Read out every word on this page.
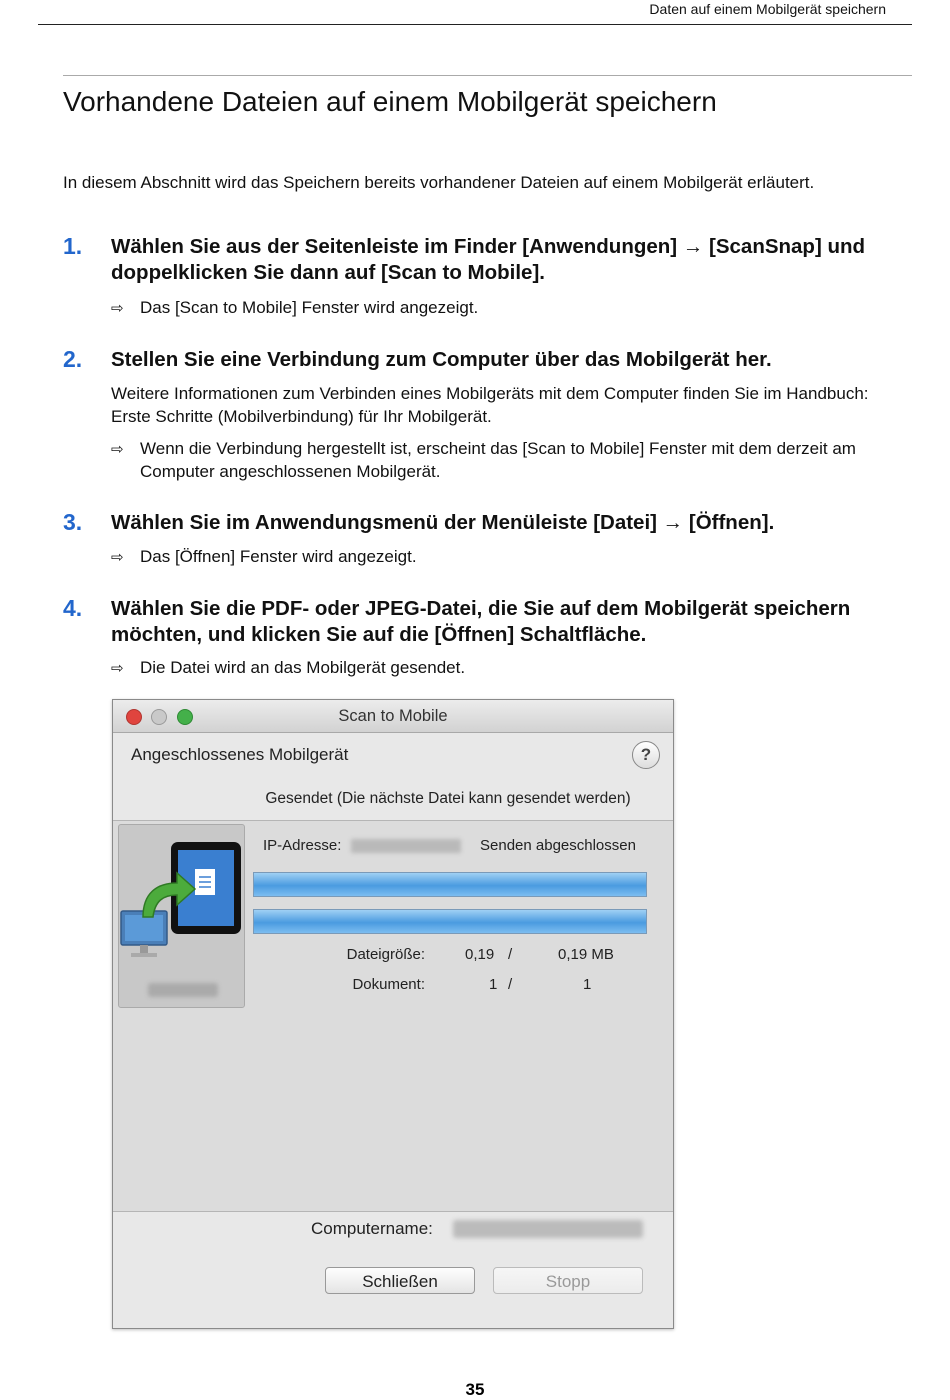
Daten auf einem Mobilgerät speichern
Vorhandene Dateien auf einem Mobilgerät speichern
In diesem Abschnitt wird das Speichern bereits vorhandener Dateien auf einem Mobilgerät erläutert.
1. Wählen Sie aus der Seitenleiste im Finder [Anwendungen] → [ScanSnap] und doppelklicken Sie dann auf [Scan to Mobile].
⇨ Das [Scan to Mobile] Fenster wird angezeigt.
2. Stellen Sie eine Verbindung zum Computer über das Mobilgerät her.
Weitere Informationen zum Verbinden eines Mobilgeräts mit dem Computer finden Sie im Handbuch: Erste Schritte (Mobilverbindung) für Ihr Mobilgerät.
⇨ Wenn die Verbindung hergestellt ist, erscheint das [Scan to Mobile] Fenster mit dem derzeit am Computer angeschlossenen Mobilgerät.
3. Wählen Sie im Anwendungsmenü der Menüleiste [Datei] → [Öffnen].
⇨ Das [Öffnen] Fenster wird angezeigt.
4. Wählen Sie die PDF- oder JPEG-Datei, die Sie auf dem Mobilgerät speichern möchten, und klicken Sie auf die [Öffnen] Schaltfläche.
⇨ Die Datei wird an das Mobilgerät gesendet.
Scan to Mobile
Angeschlossenes Mobilgerät	?
Gesendet (Die nächste Datei kann gesendet werden)
IP-Adresse:	Senden abgeschlossen
Dateigröße:	0,19 /	0,19 MB
Dokument:	1 /	1
Computername:
Schließen	Stopp
35
